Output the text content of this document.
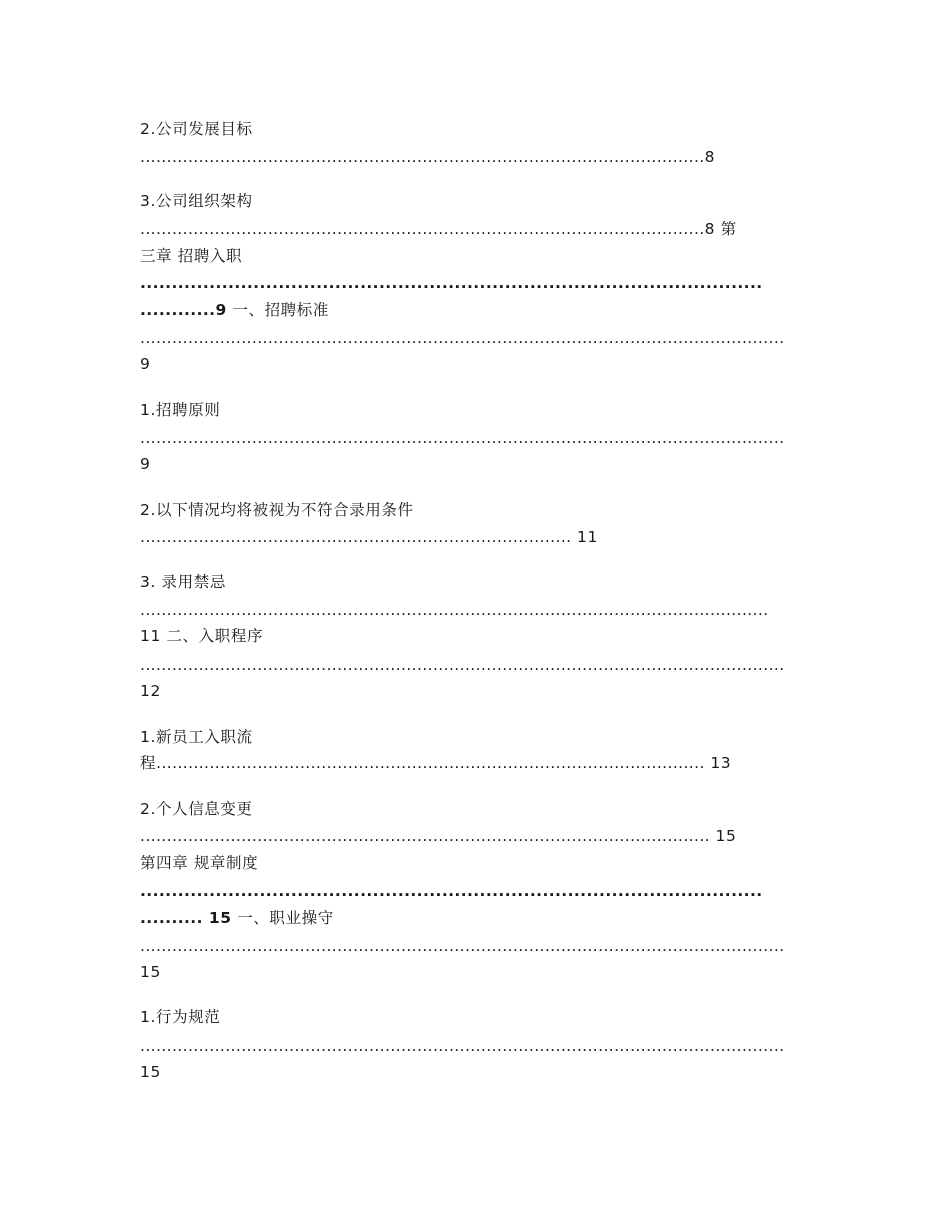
2.公司发展目标
..........................................................................................................8
3.公司组织架构
..........................................................................................................8 第
三章 招聘入职
...................................................................................................
............9 一、招聘标准
.........................................................................................................................
9
1.招聘原则
.........................................................................................................................
9
2.以下情况均将被视为不符合录用条件
................................................................................. 11
3. 录用禁忌
......................................................................................................................
11 二、入职程序
.........................................................................................................................
12
1.新员工入职流
程....................................................................................................... 13
2.个人信息变更
........................................................................................................... 15
第四章 规章制度
...................................................................................................
.......... 15 一、职业操守
.........................................................................................................................
15
1.行为规范
.........................................................................................................................
15
